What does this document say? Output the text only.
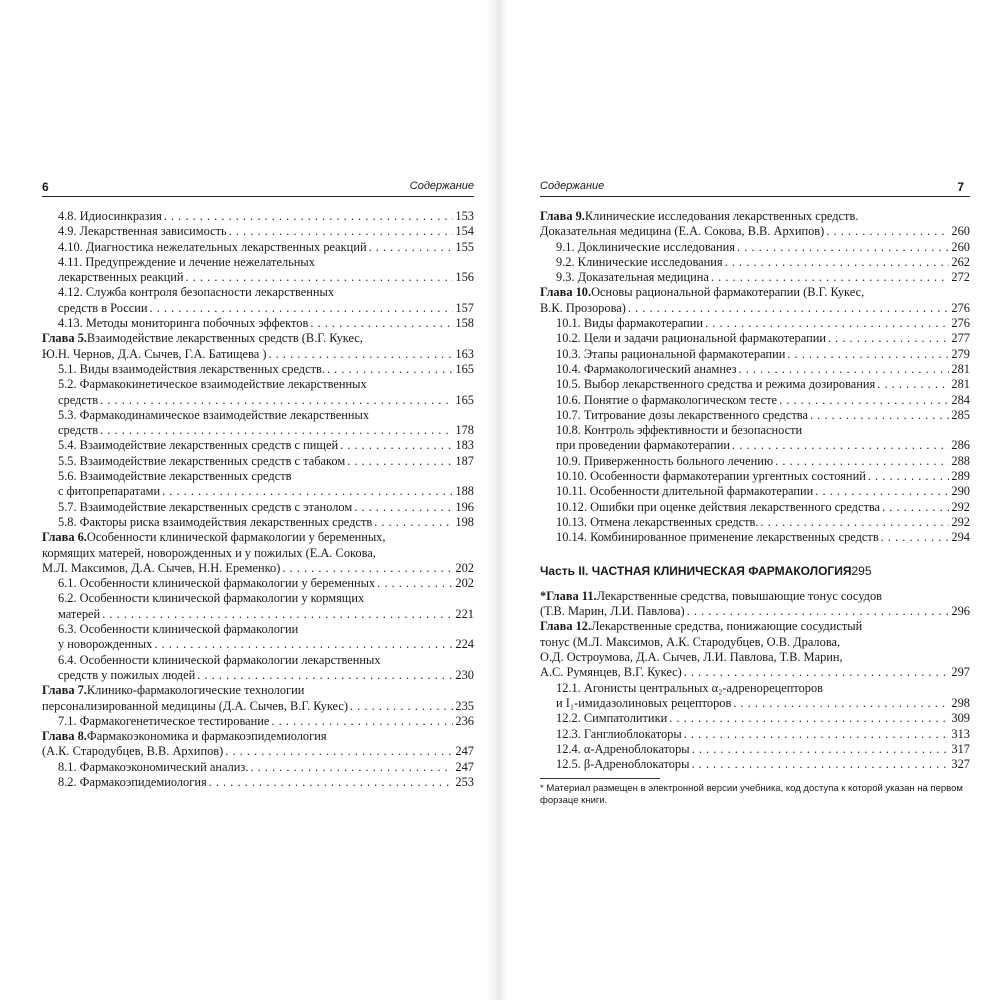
6	Содержание
4.8. Идиосинкразия . . .	153
4.9. Лекарственная зависимость . . .	154
4.10. Диагностика нежелательных лекарственных реакций . . .	155
4.11. Предупреждение и лечение нежелательных
лекарственных реакций . . .	156
4.12. Служба контроля безопасности лекарственных
средств в России . . .	157
4.13. Методы мониторинга побочных эффектов . . .	158
Глава 5. Взаимодействие лекарственных средств (В.Г. Кукес,
Ю.Н. Чернов, Д.А. Сычев, Г.А. Батищева ) . . .	163
5.1. Виды взаимодействия лекарственных средств. . . .	165
5.2. Фармакокинетическое взаимодействие лекарственных
средств . . .	165
5.3. Фармакодинамическое взаимодействие лекарственных
средств . . .	178
5.4. Взаимодействие лекарственных средств с пищей . . .	183
5.5. Взаимодействие лекарственных средств с табаком . . .	187
5.6. Взаимодействие лекарственных средств
с фитопрепаратами . . .	188
5.7. Взаимодействие лекарственных средств с этанолом . . .	196
5.8. Факторы риска взаимодействия лекарственных средств . . .	198
Глава 6. Особенности клинической фармакологии у беременных,
кормящих матерей, новорожденных и у пожилых (Е.А. Сокова,
М.Л. Максимов, Д.А. Сычев, Н.Н. Еременко) . . .	202
6.1. Особенности клинической фармакологии у беременных . . .	202
6.2. Особенности клинической фармакологии у кормящих
матерей . . .	221
6.3. Особенности клинической фармакологии
у новорожденных . . .	224
6.4. Особенности клинической фармакологии лекарственных
средств у пожилых людей . . .	230
Глава 7. Клинико-фармакологические технологии
персонализированной медицины (Д.А. Сычев, В.Г. Кукес) . . .	235
7.1. Фармакогенетическое тестирование . . .	236
Глава 8. Фармакоэкономика и фармакоэпидемиология
(А.К. Стародубцев, В.В. Архипов) . . .	247
8.1. Фармакоэкономический анализ. . . .	247
8.2. Фармакоэпидемиология . . .	253
Содержание	7
Глава 9. Клинические исследования лекарственных средств.
Доказательная медицина (Е.А. Сокова, В.В. Архипов) . . .	260
9.1. Доклинические исследования . . .	260
9.2. Клинические исследования . . .	262
9.3. Доказательная медицина . . .	272
Глава 10. Основы рациональной фармакотерапии (В.Г. Кукес,
В.К. Прозорова) . . .	276
10.1. Виды фармакотерапии . . .	276
10.2. Цели и задачи рациональной фармакотерапии . . .	277
10.3. Этапы рациональной фармакотерапии . . .	279
10.4. Фармакологический анамнез . . .	281
10.5. Выбор лекарственного средства и режима дозирования . . .	281
10.6. Понятие о фармакологическом тесте . . .	284
10.7. Титрование дозы лекарственного средства . . .	285
10.8. Контроль эффективности и безопасности
при проведении фармакотерапии . . .	286
10.9. Приверженность больного лечению . . .	288
10.10. Особенности фармакотерапии ургентных состояний . . .	289
10.11. Особенности длительной фармакотерапии . . .	290
10.12. Ошибки при оценке действия лекарственного средства . . .	292
10.13. Отмена лекарственных средств. . . .	292
10.14. Комбинированное применение лекарственных средств . . .	294
Часть II. ЧАСТНАЯ КЛИНИЧЕСКАЯ ФАРМАКОЛОГИЯ 295
*Глава 11. Лекарственные средства, повышающие тонус сосудов
(Т.В. Марин, Л.И. Павлова) . . .	296
Глава 12. Лекарственные средства, понижающие сосудистый
тонус (М.Л. Максимов, А.К. Стародубцев, О.В. Дралова,
О.Д. Остроумова, Д.А. Сычев, Л.И. Павлова, Т.В. Марин,
А.С. Румянцев, В.Г. Кукес) . . .	297
12.1. Агонисты центральных α₂-адренорецепторов
и I₁-имидазолиновых рецепторов . . .	298
12.2. Симпатолитики . . .	309
12.3. Ганглиоблокаторы . . .	313
12.4. α-Адреноблокаторы . . .	317
12.5. β-Адреноблокаторы . . .	327
* Материал размещен в электронной версии учебника, код доступа к которой указан на первом форзаце книги.
